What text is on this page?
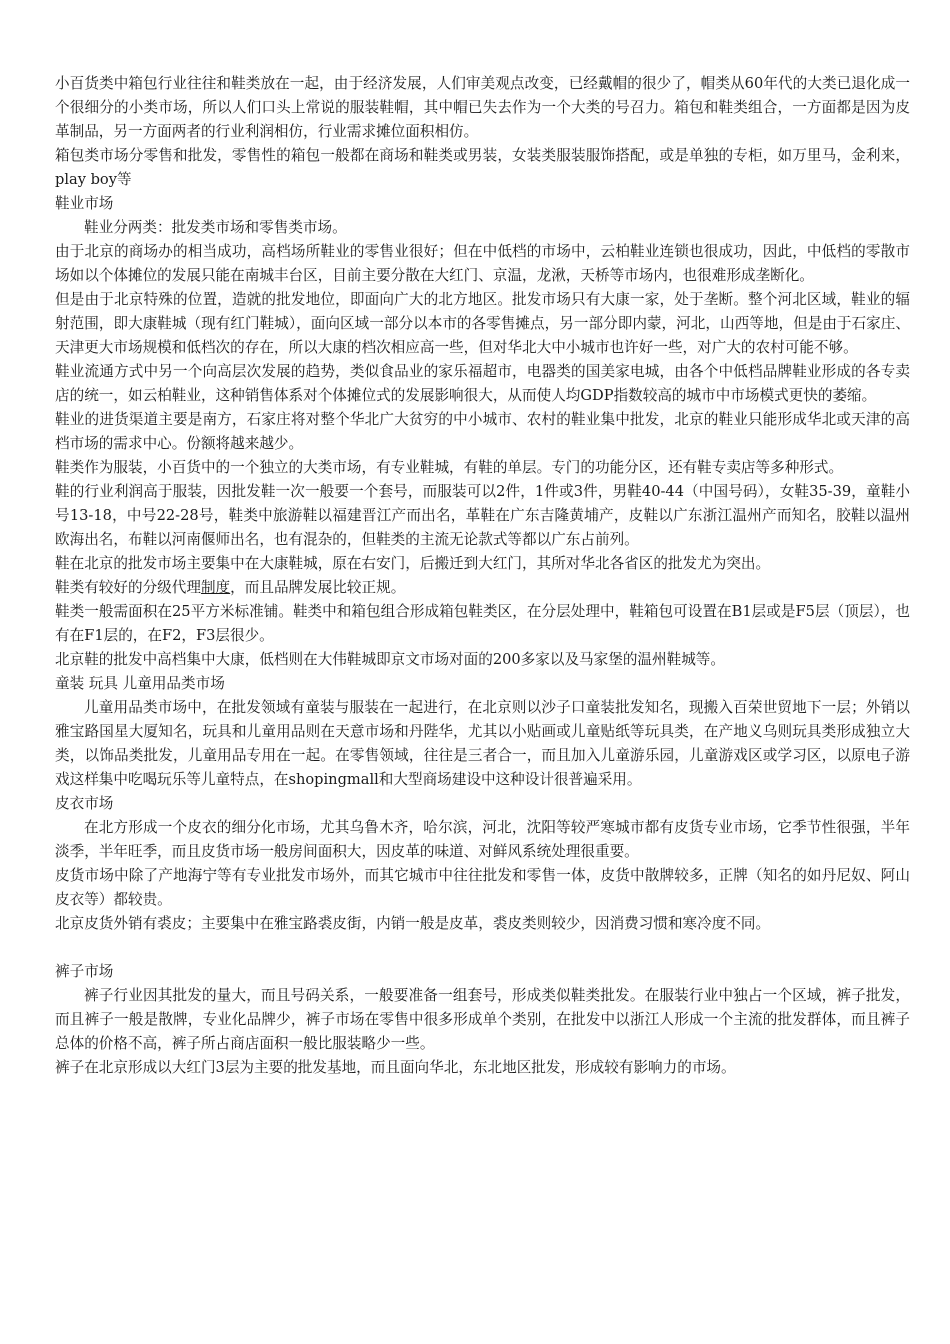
小百货类中箱包行业往往和鞋类放在一起，由于经济发展，人们审美观点改变，已经戴帽的很少了，帽类从60年代的大类已退化成一个很细分的小类市场，所以人们口头上常说的服装鞋帽，其中帽已失去作为一个大类的号召力。箱包和鞋类组合，一方面都是因为皮革制品，另一方面两者的行业利润相仿，行业需求摊位面积相仿。

箱包类市场分零售和批发，零售性的箱包一般都在商场和鞋类或男装，女装类服装服饰搭配，或是单独的专柜，如万里马，金利来，play boy等

鞋业市场

鞋业分两类：批发类市场和零售类市场。

由于北京的商场办的相当成功，高档场所鞋业的零售业很好；但在中低档的市场中，云柏鞋业连锁也很成功，因此，中低档的零散市场如以个体摊位的发展只能在南城丰台区，目前主要分散在大红门、京温，龙湫，天桥等市场内，也很难形成垄断化。

但是由于北京特殊的位置，造就的批发地位，即面向广大的北方地区。批发市场只有大康一家，处于垄断。整个河北区域，鞋业的辐射范围，即大康鞋城（现有红门鞋城），面向区域一部分以本市的各零售摊点，另一部分即内蒙，河北，山西等地，但是由于石家庄、天津更大市场规模和低档次的存在，所以大康的档次相应高一些，但对华北大中小城市也许好一些，对广大的农村可能不够。

鞋业流通方式中另一个向高层次发展的趋势，类似食品业的家乐福超市，电器类的国美家电城，由各个中低档品牌鞋业形成的各专卖店的统一，如云柏鞋业，这种销售体系对个体摊位式的发展影响很大，从而使人均GDP指数较高的城市中市场模式更快的萎缩。

鞋业的进货渠道主要是南方，石家庄将对整个华北广大贫穷的中小城市、农村的鞋业集中批发，北京的鞋业只能形成华北或天津的高档市场的需求中心。份额将越来越少。

鞋类作为服装，小百货中的一个独立的大类市场，有专业鞋城，有鞋的单层。专门的功能分区，还有鞋专卖店等多种形式。

鞋的行业利润高于服装，因批发鞋一次一般要一个套号，而服装可以2件，1件或3件，男鞋40-44（中国号码），女鞋35-39，童鞋小号13-18，中号22-28号，鞋类中旅游鞋以福建晋江产而出名，革鞋在广东吉隆黄埔产，皮鞋以广东浙江温州产而知名，胶鞋以温州欧海出名，布鞋以河南偃师出名，也有混杂的，但鞋类的主流无论款式等都以广东占前列。

鞋在北京的批发市场主要集中在大康鞋城，原在右安门，后搬迁到大红门，其所对华北各省区的批发尤为突出。

鞋类有较好的分级代理制度，而且品牌发展比较正规。

鞋类一般需面积在25平方米标准铺。鞋类中和箱包组合形成箱包鞋类区，在分层处理中，鞋箱包可设置在B1层或是F5层（顶层），也有在F1层的，在F2，F3层很少。

北京鞋的批发中高档集中大康，低档则在大伟鞋城即京文市场对面的200多家以及马家堡的温州鞋城等。

童装 玩具 儿童用品类市场

儿童用品类市场中，在批发领域有童装与服装在一起进行，在北京则以沙子口童装批发知名，现搬入百荣世贸地下一层；外销以雅宝路国星大厦知名，玩具和儿童用品则在天意市场和丹陛华，尤其以小贴画或儿童贴纸等玩具类，在产地义乌则玩具类形成独立大类，以饰品类批发，儿童用品专用在一起。在零售领域，往往是三者合一，而且加入儿童游乐园，儿童游戏区或学习区，以原电子游戏这样集中吃喝玩乐等儿童特点，在shopingmall和大型商场建设中这种设计很普遍采用。

皮衣市场

在北方形成一个皮衣的细分化市场，尤其乌鲁木齐，哈尔滨，河北，沈阳等较严寒城市都有皮货专业市场，它季节性很强，半年淡季，半年旺季，而且皮货市场一般房间面积大，因皮革的味道、对鲜风系统处理很重要。

皮货市场中除了产地海宁等有专业批发市场外，而其它城市中往往批发和零售一体，皮货中散牌较多，正牌（知名的如丹尼奴、阿山皮衣等）都较贵。

北京皮货外销有裘皮；主要集中在雅宝路裘皮街，内销一般是皮革，裘皮类则较少，因消费习惯和寒冷度不同。

裤子市场

裤子行业因其批发的量大，而且号码关系，一般要准备一组套号，形成类似鞋类批发。在服装行业中独占一个区域，裤子批发，而且裤子一般是散牌，专业化品牌少，裤子市场在零售中很多形成单个类别，在批发中以浙江人形成一个主流的批发群体，而且裤子总体的价格不高，裤子所占商店面积一般比服装略少一些。

裤子在北京形成以大红门3层为主要的批发基地，而且面向华北，东北地区批发，形成较有影响力的市场。
